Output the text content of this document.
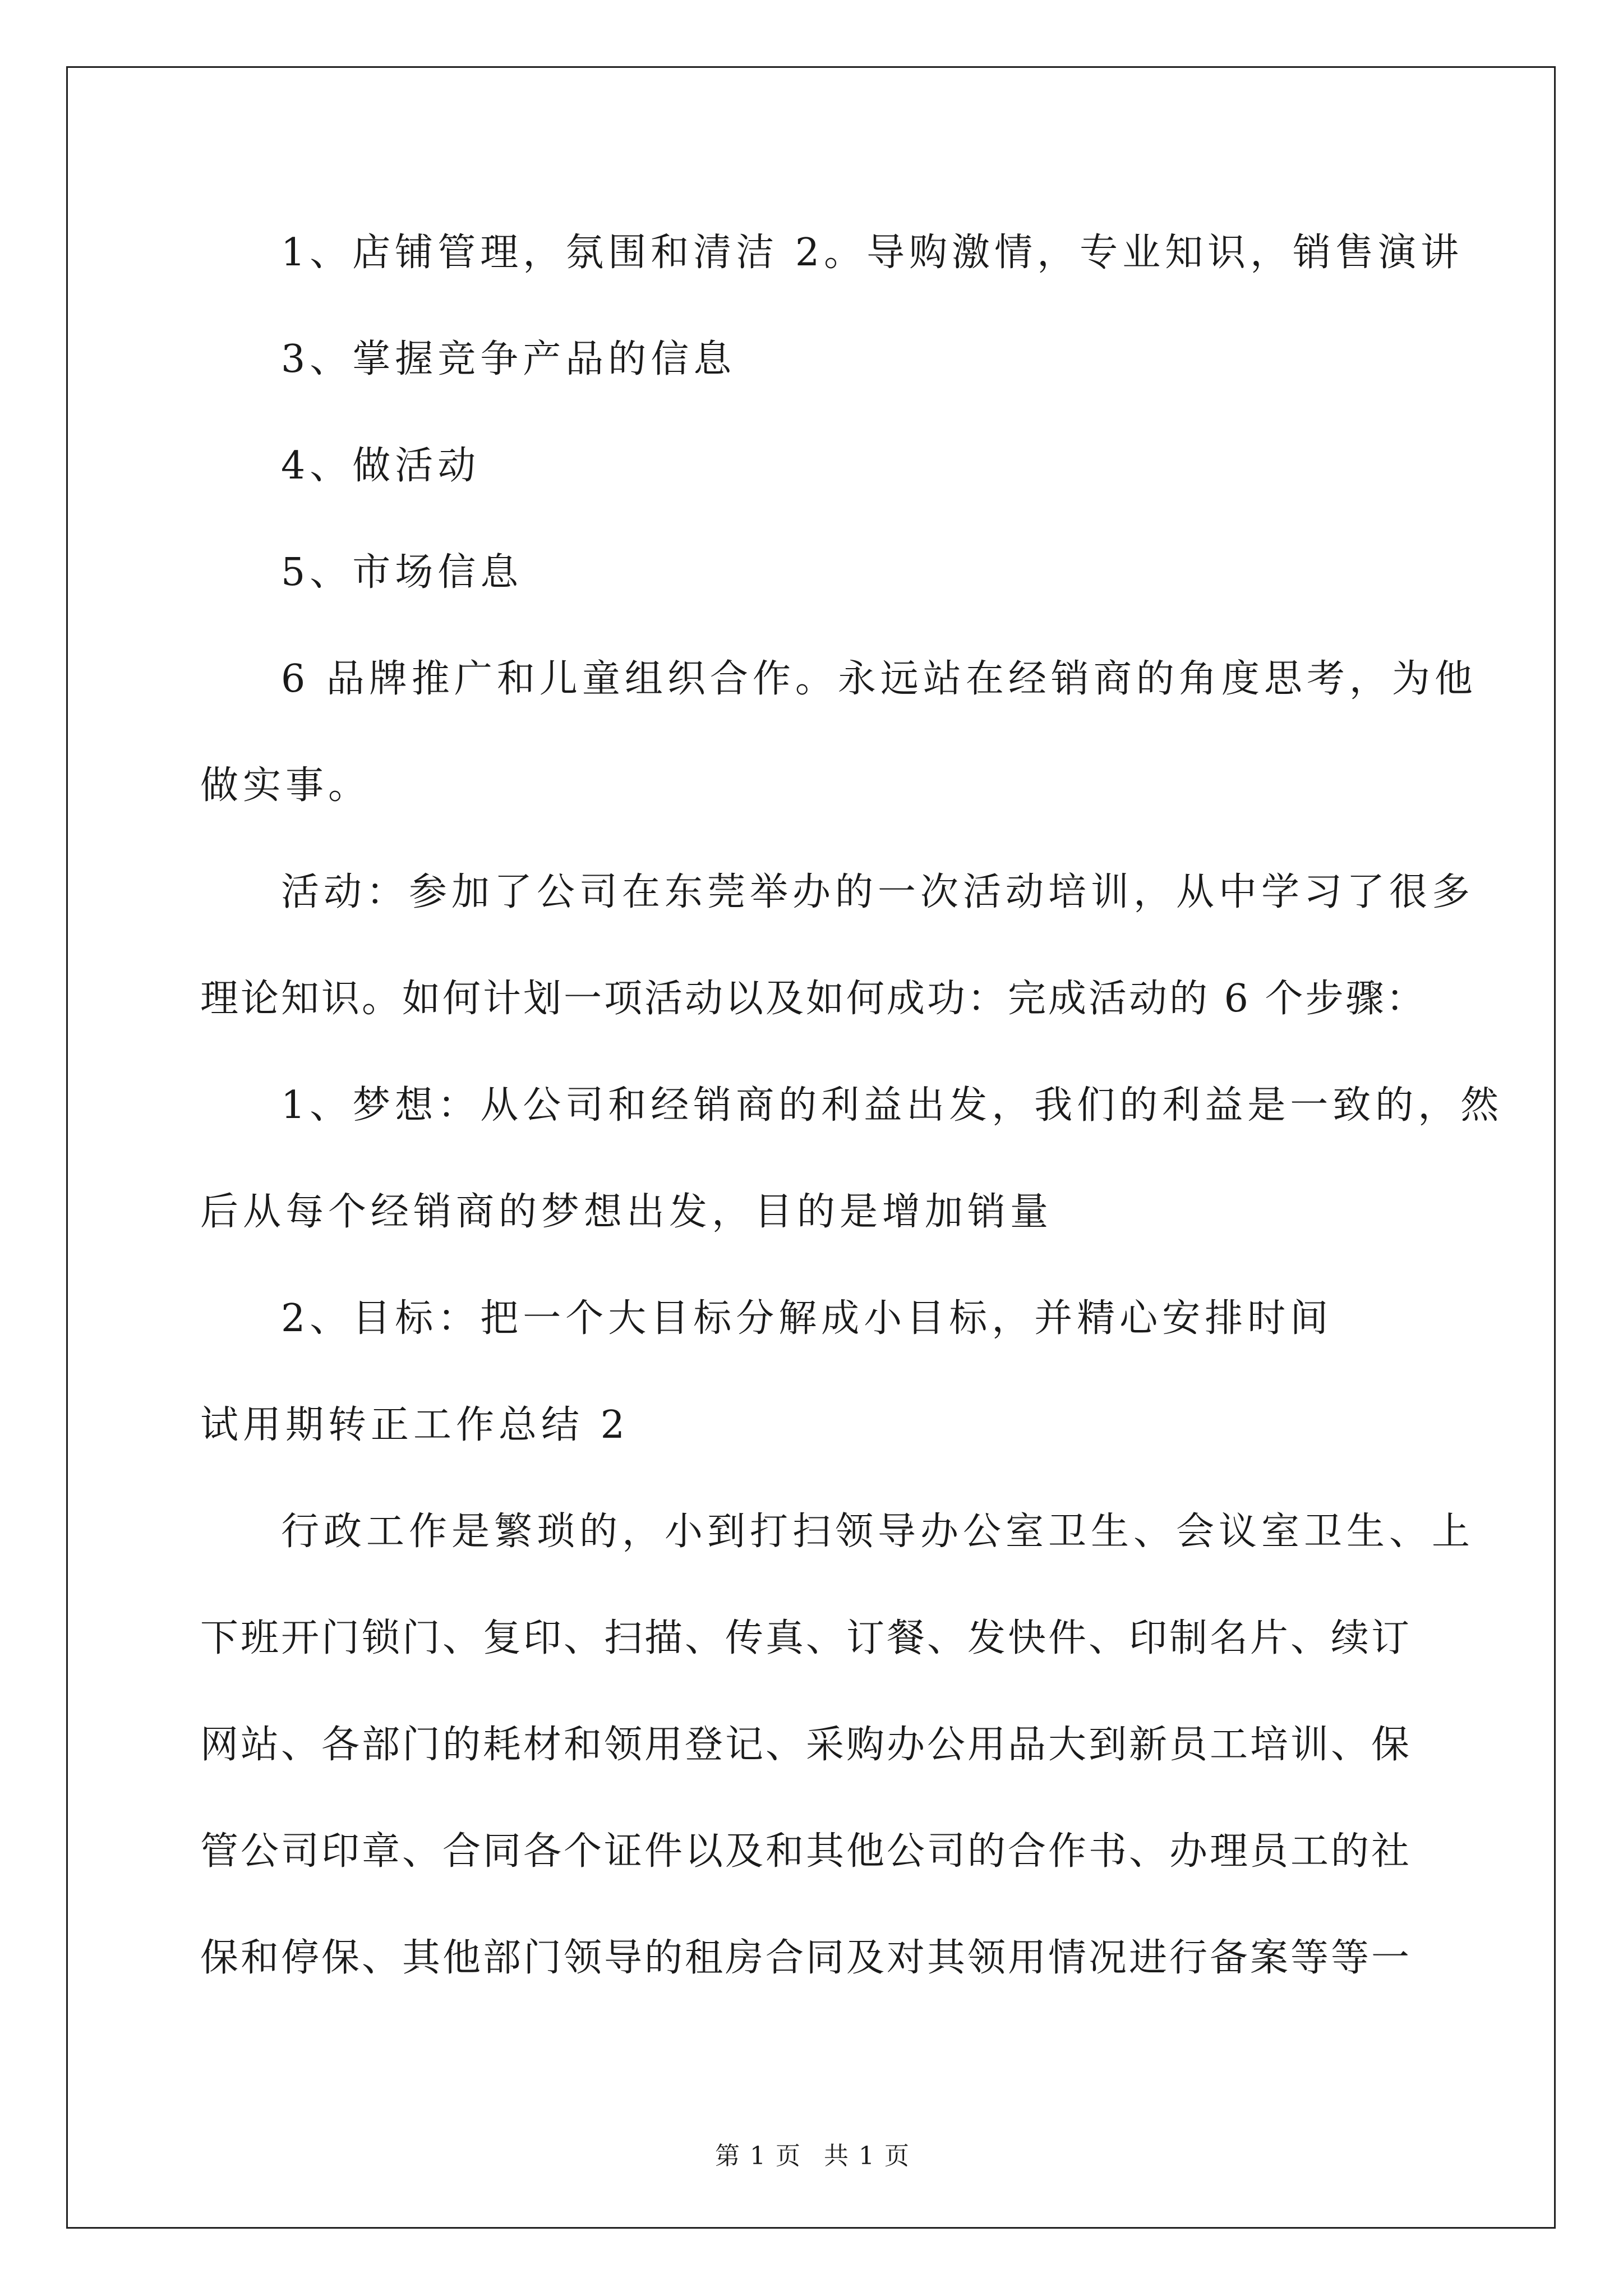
1、店铺管理，氛围和清洁 2。导购激情，专业知识，销售演讲
3、掌握竞争产品的信息
4、做活动
5、市场信息
6 品牌推广和儿童组织合作。永远站在经销商的角度思考，为他
做实事。
活动：参加了公司在东莞举办的一次活动培训，从中学习了很多
理论知识。如何计划一项活动以及如何成功：完成活动的 6 个步骤：
1、梦想：从公司和经销商的利益出发，我们的利益是一致的，然
后从每个经销商的梦想出发，目的是增加销量
2、目标：把一个大目标分解成小目标，并精心安排时间
试用期转正工作总结 2
行政工作是繁琐的，小到打扫领导办公室卫生、会议室卫生、上
下班开门锁门、复印、扫描、传真、订餐、发快件、印制名片、续订
网站、各部门的耗材和领用登记、采购办公用品大到新员工培训、保
管公司印章、合同各个证件以及和其他公司的合作书、办理员工的社
保和停保、其他部门领导的租房合同及对其领用情况进行备案等等一
第 1 页 共 1 页
